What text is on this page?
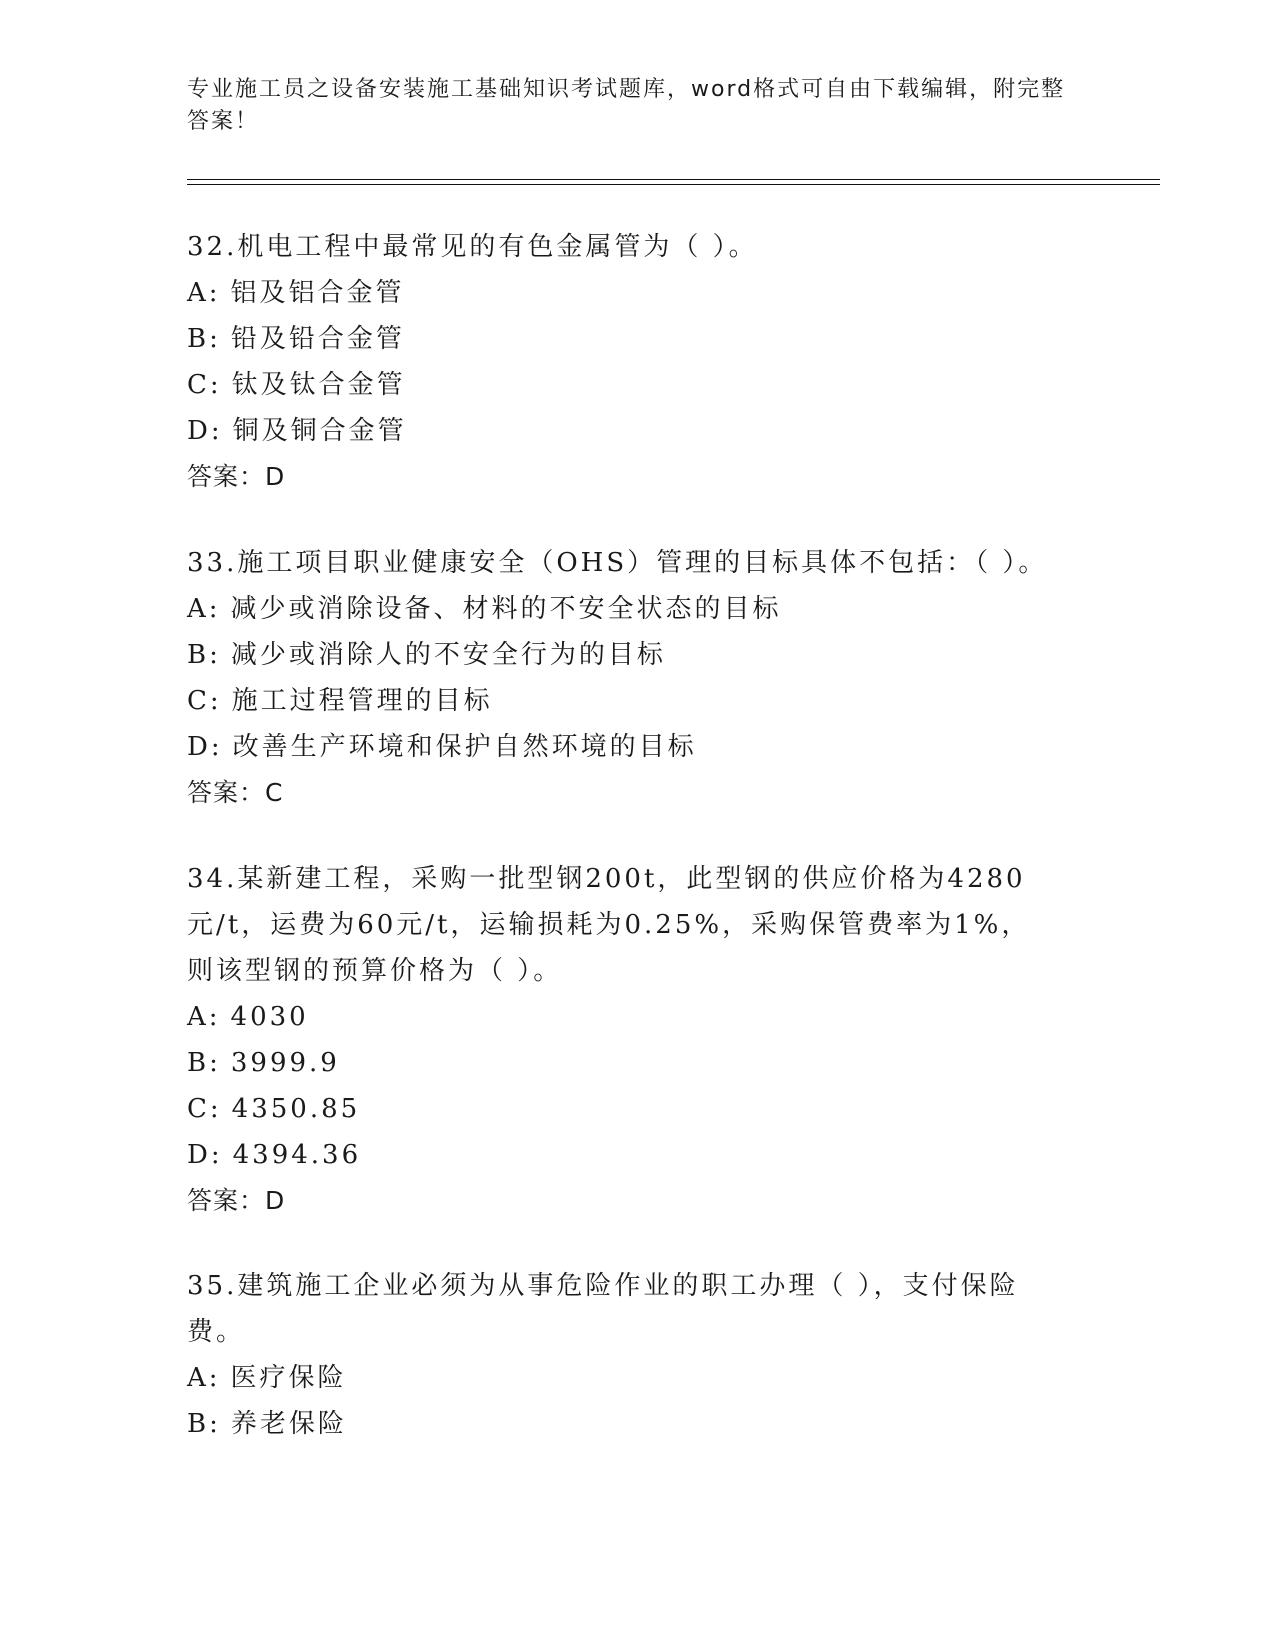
专业施工员之设备安装施工基础知识考试题库，word格式可自由下载编辑，附完整答案！
32.机电工程中最常见的有色金属管为（ ）。
A: 铝及铝合金管
B: 铅及铅合金管
C: 钛及钛合金管
D: 铜及铜合金管
答案：D
33.施工项目职业健康安全（OHS）管理的目标具体不包括：（ ）。
A: 减少或消除设备、材料的不安全状态的目标
B: 减少或消除人的不安全行为的目标
C: 施工过程管理的目标
D: 改善生产环境和保护自然环境的目标
答案：C
34.某新建工程，采购一批型钢200t，此型钢的供应价格为4280元/t，运费为60元/t，运输损耗为0.25%，采购保管费率为1%，则该型钢的预算价格为（ ）。
A: 4030
B: 3999.9
C: 4350.85
D: 4394.36
答案：D
35.建筑施工企业必须为从事危险作业的职工办理（ ），支付保险费。
A: 医疗保险
B: 养老保险
